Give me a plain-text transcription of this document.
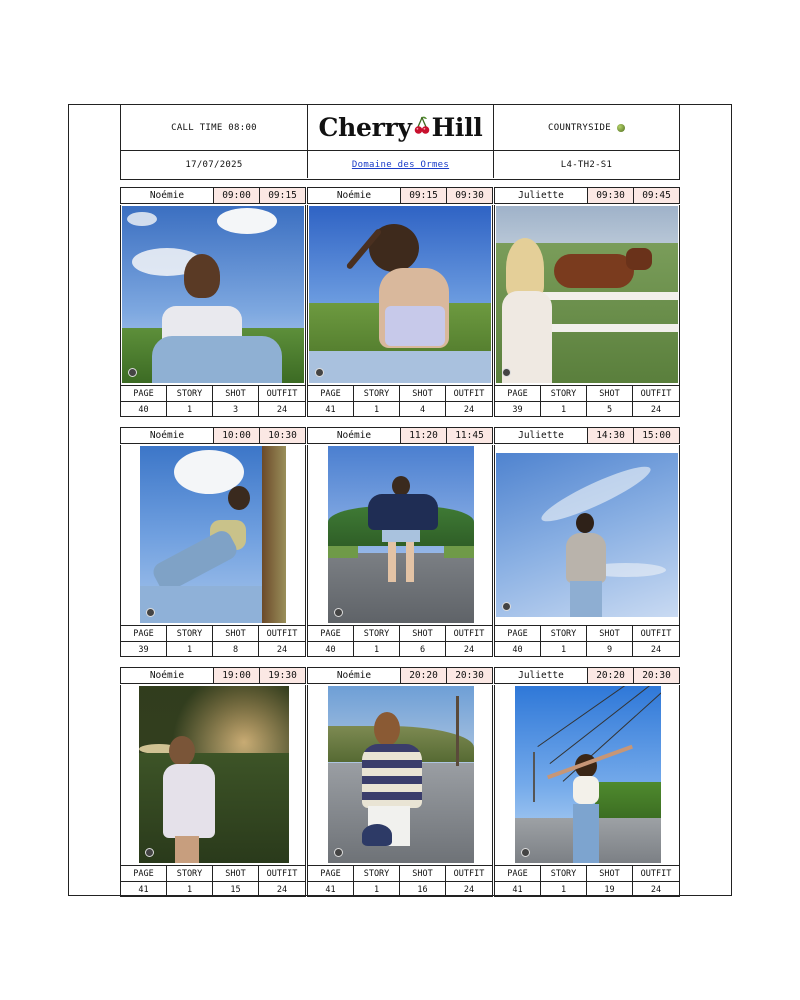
CALL TIME 08:00	Cherry Hill	COUNTRYSIDE
17/07/2025	Domaine des Ormes	L4-TH2-S1
Noémie	09:00	09:15
PAGE	STORY	SHOT	OUTFIT
40	1	3	24
Noémie	09:15	09:30
PAGE	STORY	SHOT	OUTFIT
41	1	4	24
Juliette	09:30	09:45
PAGE	STORY	SHOT	OUTFIT
39	1	5	24
Noémie	10:00	10:30
PAGE	STORY	SHOT	OUTFIT
39	1	8	24
Noémie	11:20	11:45
PAGE	STORY	SHOT	OUTFIT
40	1	6	24
Juliette	14:30	15:00
PAGE	STORY	SHOT	OUTFIT
40	1	9	24
Noémie	19:00	19:30
PAGE	STORY	SHOT	OUTFIT
41	1	15	24
Noémie	20:20	20:30
PAGE	STORY	SHOT	OUTFIT
41	1	16	24
Juliette	20:20	20:30
PAGE	STORY	SHOT	OUTFIT
41	1	19	24
